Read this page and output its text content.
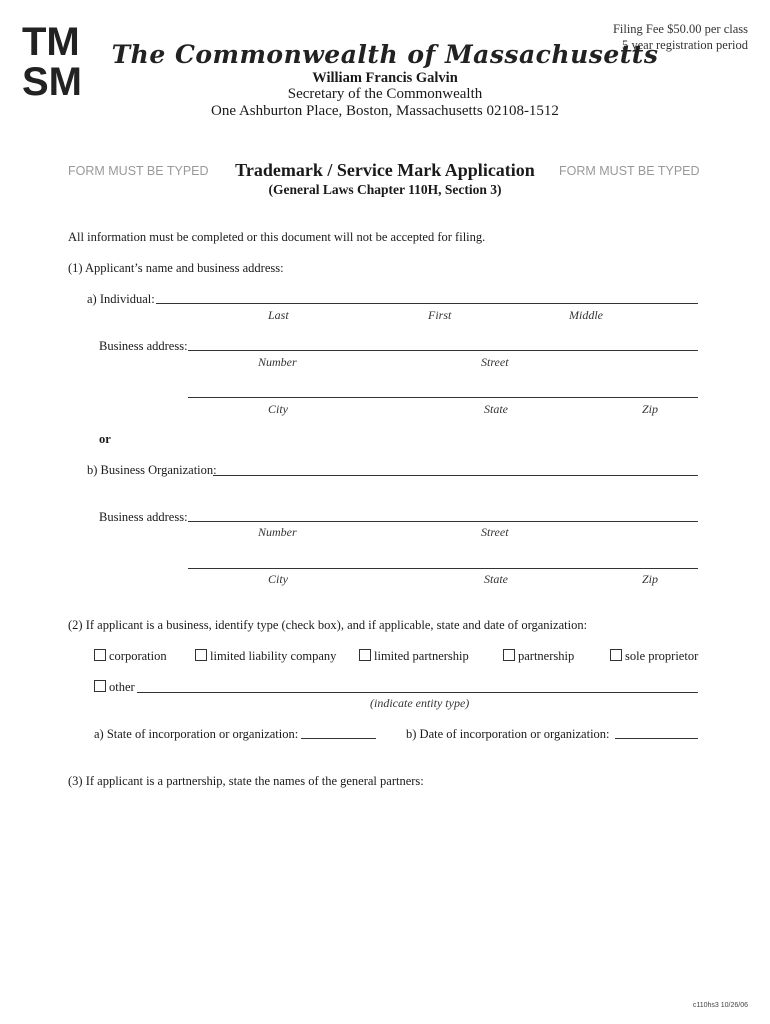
TM
SM
Filing Fee $50.00 per class
5 year registration period
The Commonwealth of Massachusetts
William Francis Galvin
Secretary of the Commonwealth
One Ashburton Place, Boston, Massachusetts 02108-1512
FORM MUST BE TYPED	FORM MUST BE TYPED
Trademark / Service Mark Application
(General Laws Chapter 110H, Section 3)
All information must be completed or this document will not be accepted for filing.
(1) Applicant’s name and business address:
a) Individual:
Last	First	Middle
Business address:
Number	Street
City	State	Zip
or
b) Business Organization:
Business address:
Number	Street
City	State	Zip
(2) If applicant is a business, identify type (check box), and if applicable, state and date of organization:
corporation	limited liability company	limited partnership	partnership	sole proprietor
other
(indicate entity type)
a) State of incorporation or organization:	b) Date of incorporation or organization:
(3) If applicant is a partnership, state the names of the general partners:
c110hs3 10/26/06
